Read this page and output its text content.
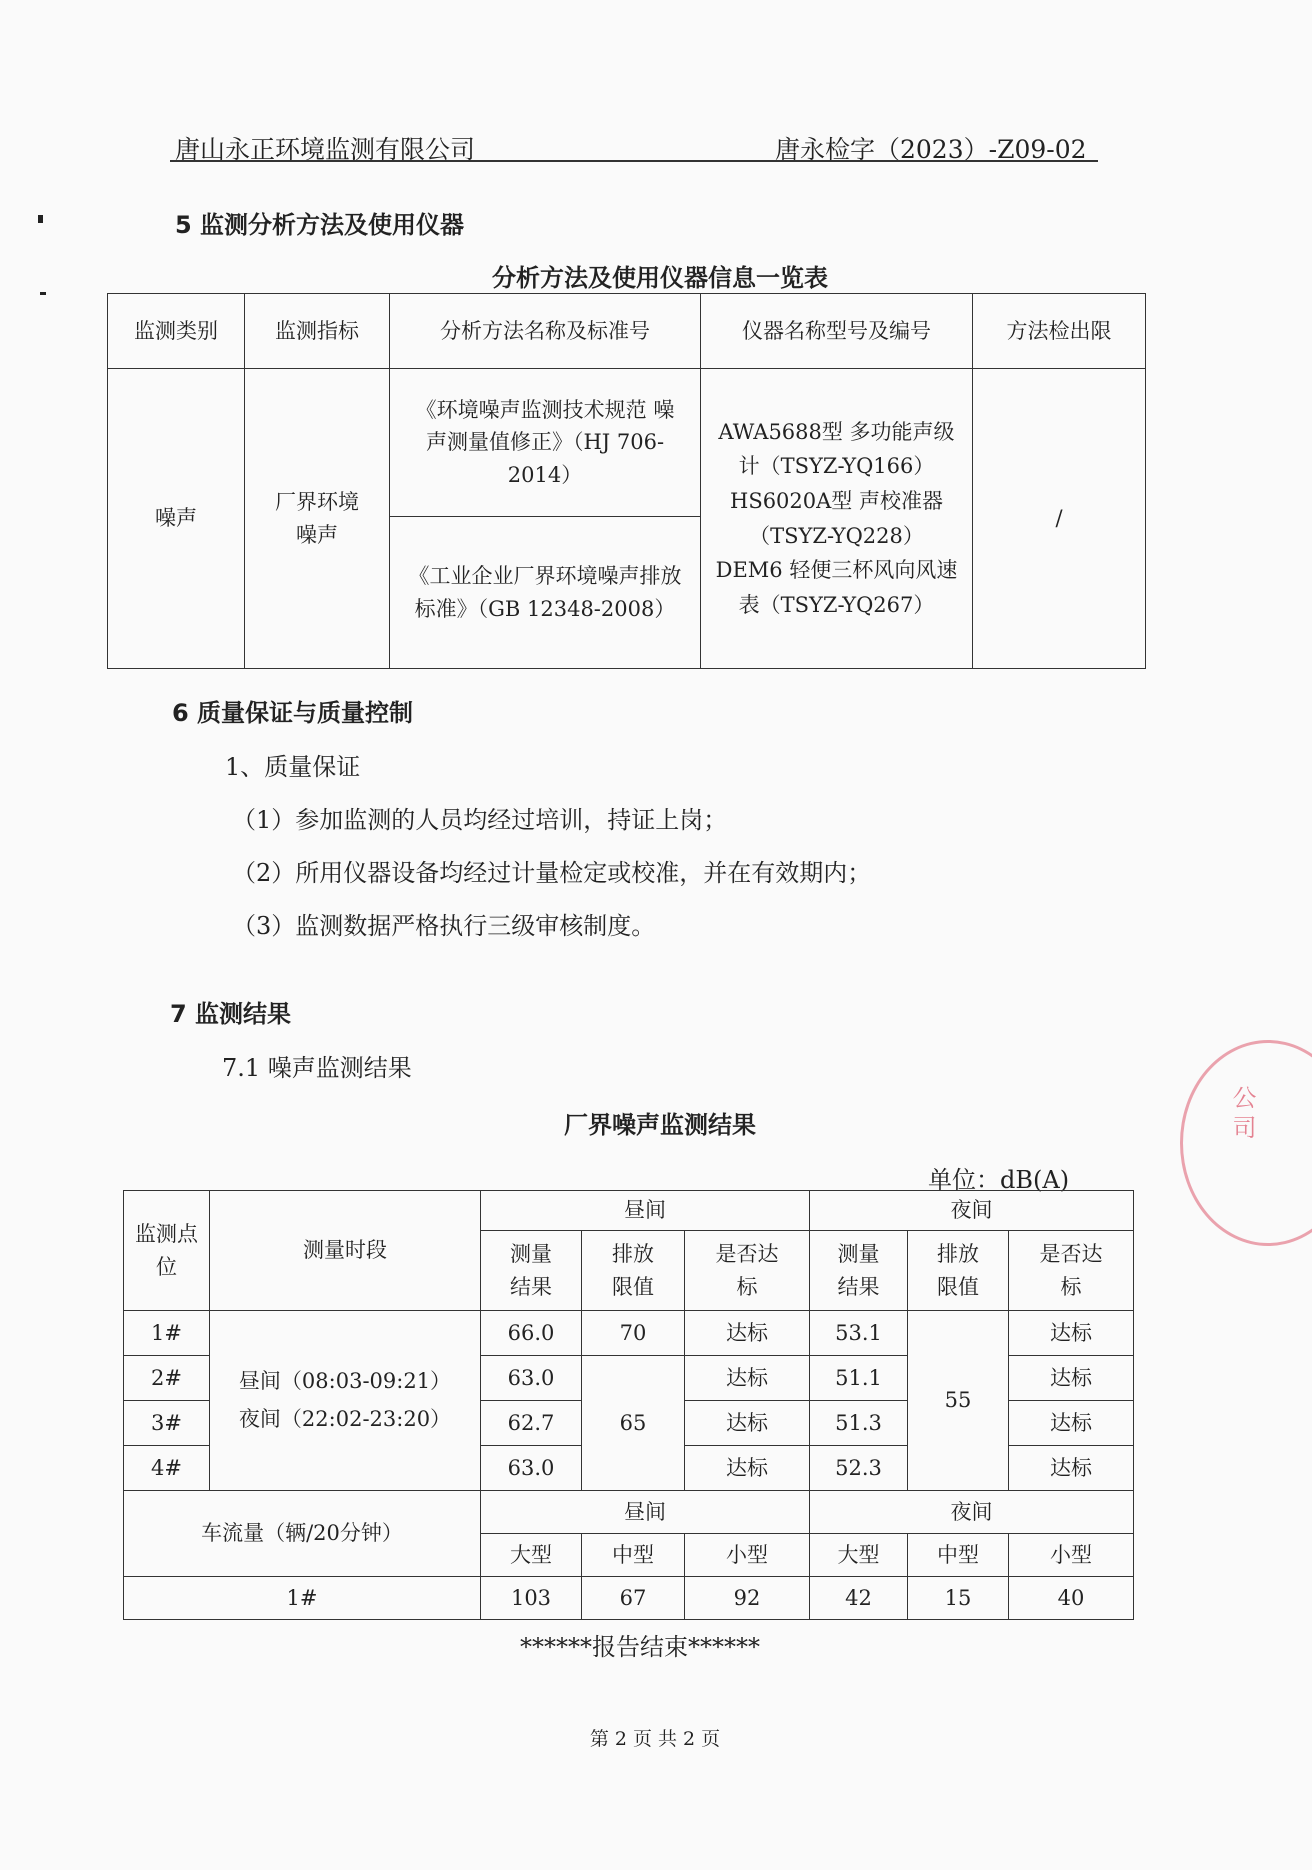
唐山永正环境监测有限公司	唐永检字（2023）-Z09-02
5 监测分析方法及使用仪器
分析方法及使用仪器信息一览表
监测类别	监测指标	分析方法名称及标准号	仪器名称型号及编号	方法检出限
噪声	厂界环境噪声	《环境噪声监测技术规范 噪声测量值修正》（HJ 706-2014）	AWA5688型 多功能声级计（TSYZ-YQ166） HS6020A型 声校准器（TSYZ-YQ228） DEM6 轻便三杯风向风速表（TSYZ-YQ267）	/
		《工业企业厂界环境噪声排放标准》（GB 12348-2008）		
6 质量保证与质量控制
1、质量保证
（1）参加监测的人员均经过培训，持证上岗；
（2）所用仪器设备均经过计量检定或校准，并在有效期内；
（3）监测数据严格执行三级审核制度。
7 监测结果
7.1 噪声监测结果
厂界噪声监测结果
单位：dB(A)
监测点位	测量时段	昼间			夜间		
		测量结果	排放限值	是否达标	测量结果	排放限值	是否达标
1#	昼间（08:03-09:21） 夜间（22:02-23:20）	66.0	70	达标	53.1	55	达标
2#		63.0	65	达标	51.1		达标
3#		62.7		达标	51.3		达标
4#		63.0		达标	52.3		达标
车流量（辆/20分钟）		昼间			夜间		
		大型	中型	小型	大型	中型	小型
1#		103	67	92	42	15	40
******报告结束******
第 2 页 共 2 页
公司
